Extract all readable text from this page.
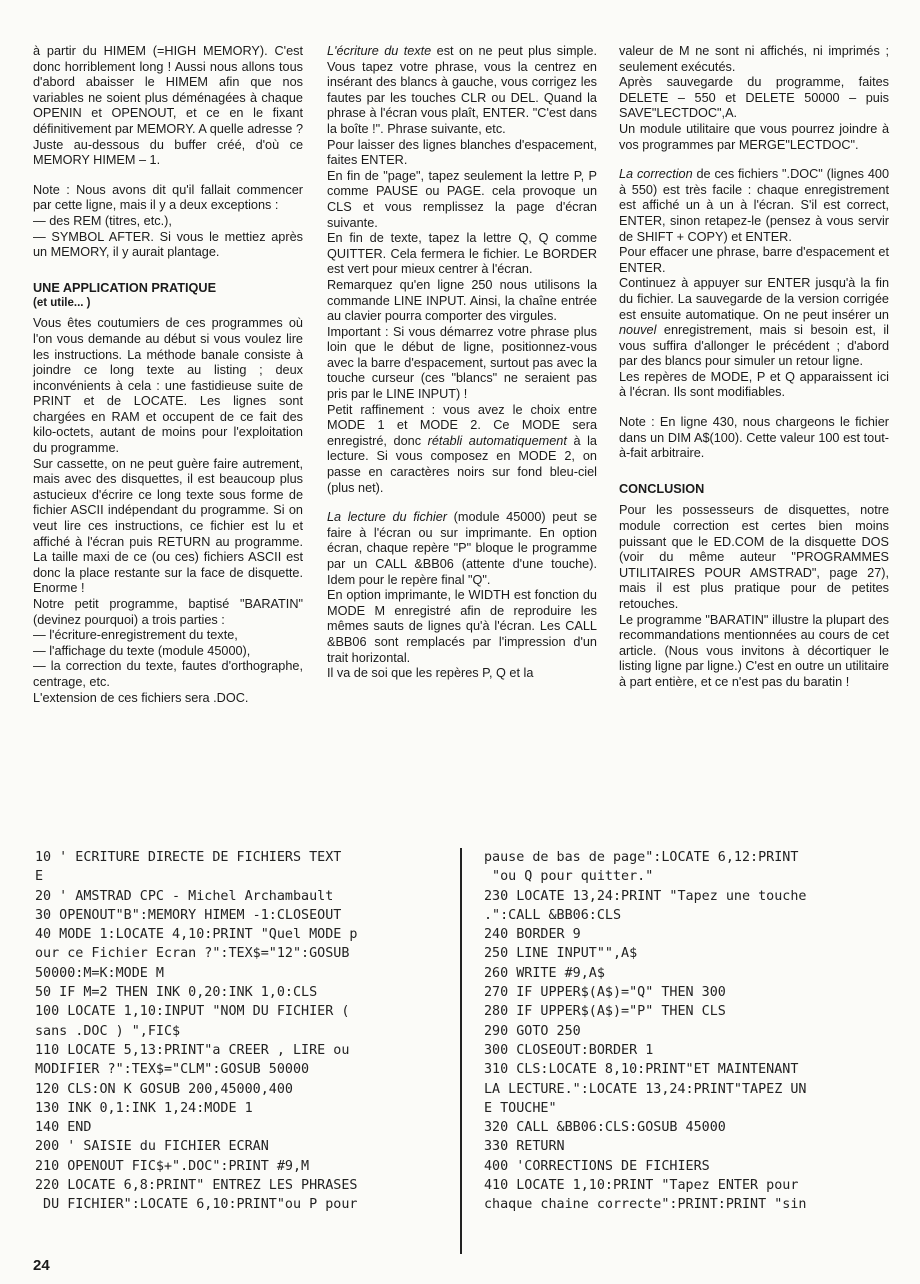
à partir du HIMEM (=HIGH MEMORY). C'est donc horriblement long ! Aussi nous allons tous d'abord abaisser le HIMEM afin que nos variables ne soient plus déménagées à chaque OPENIN et OPENOUT, et ce en le fixant définitivement par MEMORY. A quelle adresse ? Juste au-dessous du buffer créé, d'où ce MEMORY HIMEM – 1.

Note : Nous avons dit qu'il fallait commencer par cette ligne, mais il y a deux exceptions :

— des REM (titres, etc.),

— SYMBOL AFTER. Si vous le mettiez après un MEMORY, il y aurait plantage.

UNE APPLICATION PRATIQUE
(et utile... )

Vous êtes coutumiers de ces programmes où l'on vous demande au début si vous voulez lire les instructions. La méthode banale consiste à joindre ce long texte au listing ; deux inconvénients à cela : une fastidieuse suite de PRINT et de LOCATE. Les lignes sont chargées en RAM et occupent de ce fait des kilo-octets, autant de moins pour l'exploitation du programme.

Sur cassette, on ne peut guère faire autrement, mais avec des disquettes, il est beaucoup plus astucieux d'écrire ce long texte sous forme de fichier ASCII indépendant du programme. Si on veut lire ces instructions, ce fichier est lu et affiché à l'écran puis RETURN au programme. La taille maxi de ce (ou ces) fichiers ASCII est donc la place restante sur la face de disquette. Enorme !

Notre petit programme, baptisé "BARATIN" (devinez pourquoi) a trois parties :

— l'écriture-enregistrement du texte,

— l'affichage du texte (module 45000),

— la correction du texte, fautes d'orthographe, centrage, etc.

L'extension de ces fichiers sera .DOC.

L'écriture du texte est on ne peut plus simple. Vous tapez votre phrase, vous la centrez en insérant des blancs à gauche, vous corrigez les fautes par les touches CLR ou DEL. Quand la phrase à l'écran vous plaît, ENTER. "C'est dans la boîte !". Phrase suivante, etc.

Pour laisser des lignes blanches d'espacement, faites ENTER.

En fin de "page", tapez seulement la lettre P, P comme PAUSE ou PAGE. cela provoque un CLS et vous remplissez la page d'écran suivante.

En fin de texte, tapez la lettre Q, Q comme QUITTER. Cela fermera le fichier. Le BORDER est vert pour mieux centrer à l'écran.

Remarquez qu'en ligne 250 nous utilisons la commande LINE INPUT. Ainsi, la chaîne entrée au clavier pourra comporter des virgules.

Important : Si vous démarrez votre phrase plus loin que le début de ligne, positionnez-vous avec la barre d'espacement, surtout pas avec la touche curseur (ces "blancs" ne seraient pas pris par le LINE INPUT) !

Petit raffinement : vous avez le choix entre MODE 1 et MODE 2. Ce MODE sera enregistré, donc rétabli automatiquement à la lecture. Si vous composez en MODE 2, on passe en caractères noirs sur fond bleu-ciel (plus net).

La lecture du fichier (module 45000) peut se faire à l'écran ou sur imprimante. En option écran, chaque repère "P" bloque le programme par un CALL &BB06 (attente d'une touche). Idem pour le repère final "Q".

En option imprimante, le WIDTH est fonction du MODE M enregistré afin de reproduire les mêmes sauts de lignes qu'à l'écran. Les CALL &BB06 sont remplacés par l'impression d'un trait horizontal.

Il va de soi que les repères P, Q et la

valeur de M ne sont ni affichés, ni imprimés ; seulement exécutés.

Après sauvegarde du programme, faites DELETE – 550 et DELETE 50000 – puis SAVE"LECTDOC",A.

Un module utilitaire que vous pourrez joindre à vos programmes par MERGE"LECTDOC".

La correction de ces fichiers ".DOC" (lignes 400 à 550) est très facile : chaque enregistrement est affiché un à un à l'écran. S'il est correct, ENTER, sinon retapez-le (pensez à vous servir de SHIFT + COPY) et ENTER.

Pour effacer une phrase, barre d'espacement et ENTER.

Continuez à appuyer sur ENTER jusqu'à la fin du fichier. La sauvegarde de la version corrigée est ensuite automatique. On ne peut insérer un nouvel enregistrement, mais si besoin est, il vous suffira d'allonger le précédent ; d'abord par des blancs pour simuler un retour ligne.

Les repères de MODE, P et Q apparaissent ici à l'écran. Ils sont modifiables.

Note : En ligne 430, nous chargeons le fichier dans un DIM A$(100). Cette valeur 100 est tout-à-fait arbitraire.

CONCLUSION

Pour les possesseurs de disquettes, notre module correction est certes bien moins puissant que le ED.COM de la disquette DOS (voir du même auteur "PROGRAMMES UTILITAIRES POUR AMSTRAD", page 27), mais il est plus pratique pour de petites retouches.

Le programme "BARATIN" illustre la plupart des recommandations mentionnées au cours de cet article. (Nous vous invitons à décortiquer le listing ligne par ligne.) C'est en outre un utilitaire à part entière, et ce n'est pas du baratin !

10 ' ECRITURE DIRECTE DE FICHIERS TEXT
E
20 ' AMSTRAD CPC - Michel Archambault
30 OPENOUT"B":MEMORY HIMEM -1:CLOSEOUT
40 MODE 1:LOCATE 4,10:PRINT "Quel MODE p
our ce Fichier Ecran ?":TEX$="12":GOSUB
50000:M=K:MODE M
50 IF M=2 THEN INK 0,20:INK 1,0:CLS
100 LOCATE 1,10:INPUT "NOM DU FICHIER (
sans .DOC ) ",FIC$
110 LOCATE 5,13:PRINT"a CREER , LIRE ou
MODIFIER ?":TEX$="CLM":GOSUB 50000
120 CLS:ON K GOSUB 200,45000,400
130 INK 0,1:INK 1,24:MODE 1
140 END
200 ' SAISIE du FICHIER ECRAN
210 OPENOUT FIC$+".DOC":PRINT #9,M
220 LOCATE 6,8:PRINT" ENTREZ LES PHRASES
DU FICHIER":LOCATE 6,10:PRINT"ou P pour
pause de bas de page":LOCATE 6,12:PRINT
"ou Q pour quitter."
230 LOCATE 13,24:PRINT "Tapez une touche
.":CALL &BB06:CLS
240 BORDER 9
250 LINE INPUT"",A$
260 WRITE #9,A$
270 IF UPPER$(A$)="Q" THEN 300
280 IF UPPER$(A$)="P" THEN CLS
290 GOTO 250
300 CLOSEOUT:BORDER 1
310 CLS:LOCATE 8,10:PRINT"ET MAINTENANT
LA LECTURE.":LOCATE 13,24:PRINT"TAPEZ UN
E TOUCHE"
320 CALL &BB06:CLS:GOSUB 45000
330 RETURN
400 'CORRECTIONS DE FICHIERS
410 LOCATE 1,10:PRINT "Tapez ENTER pour
chaque chaine correcte":PRINT:PRINT "sin
24
